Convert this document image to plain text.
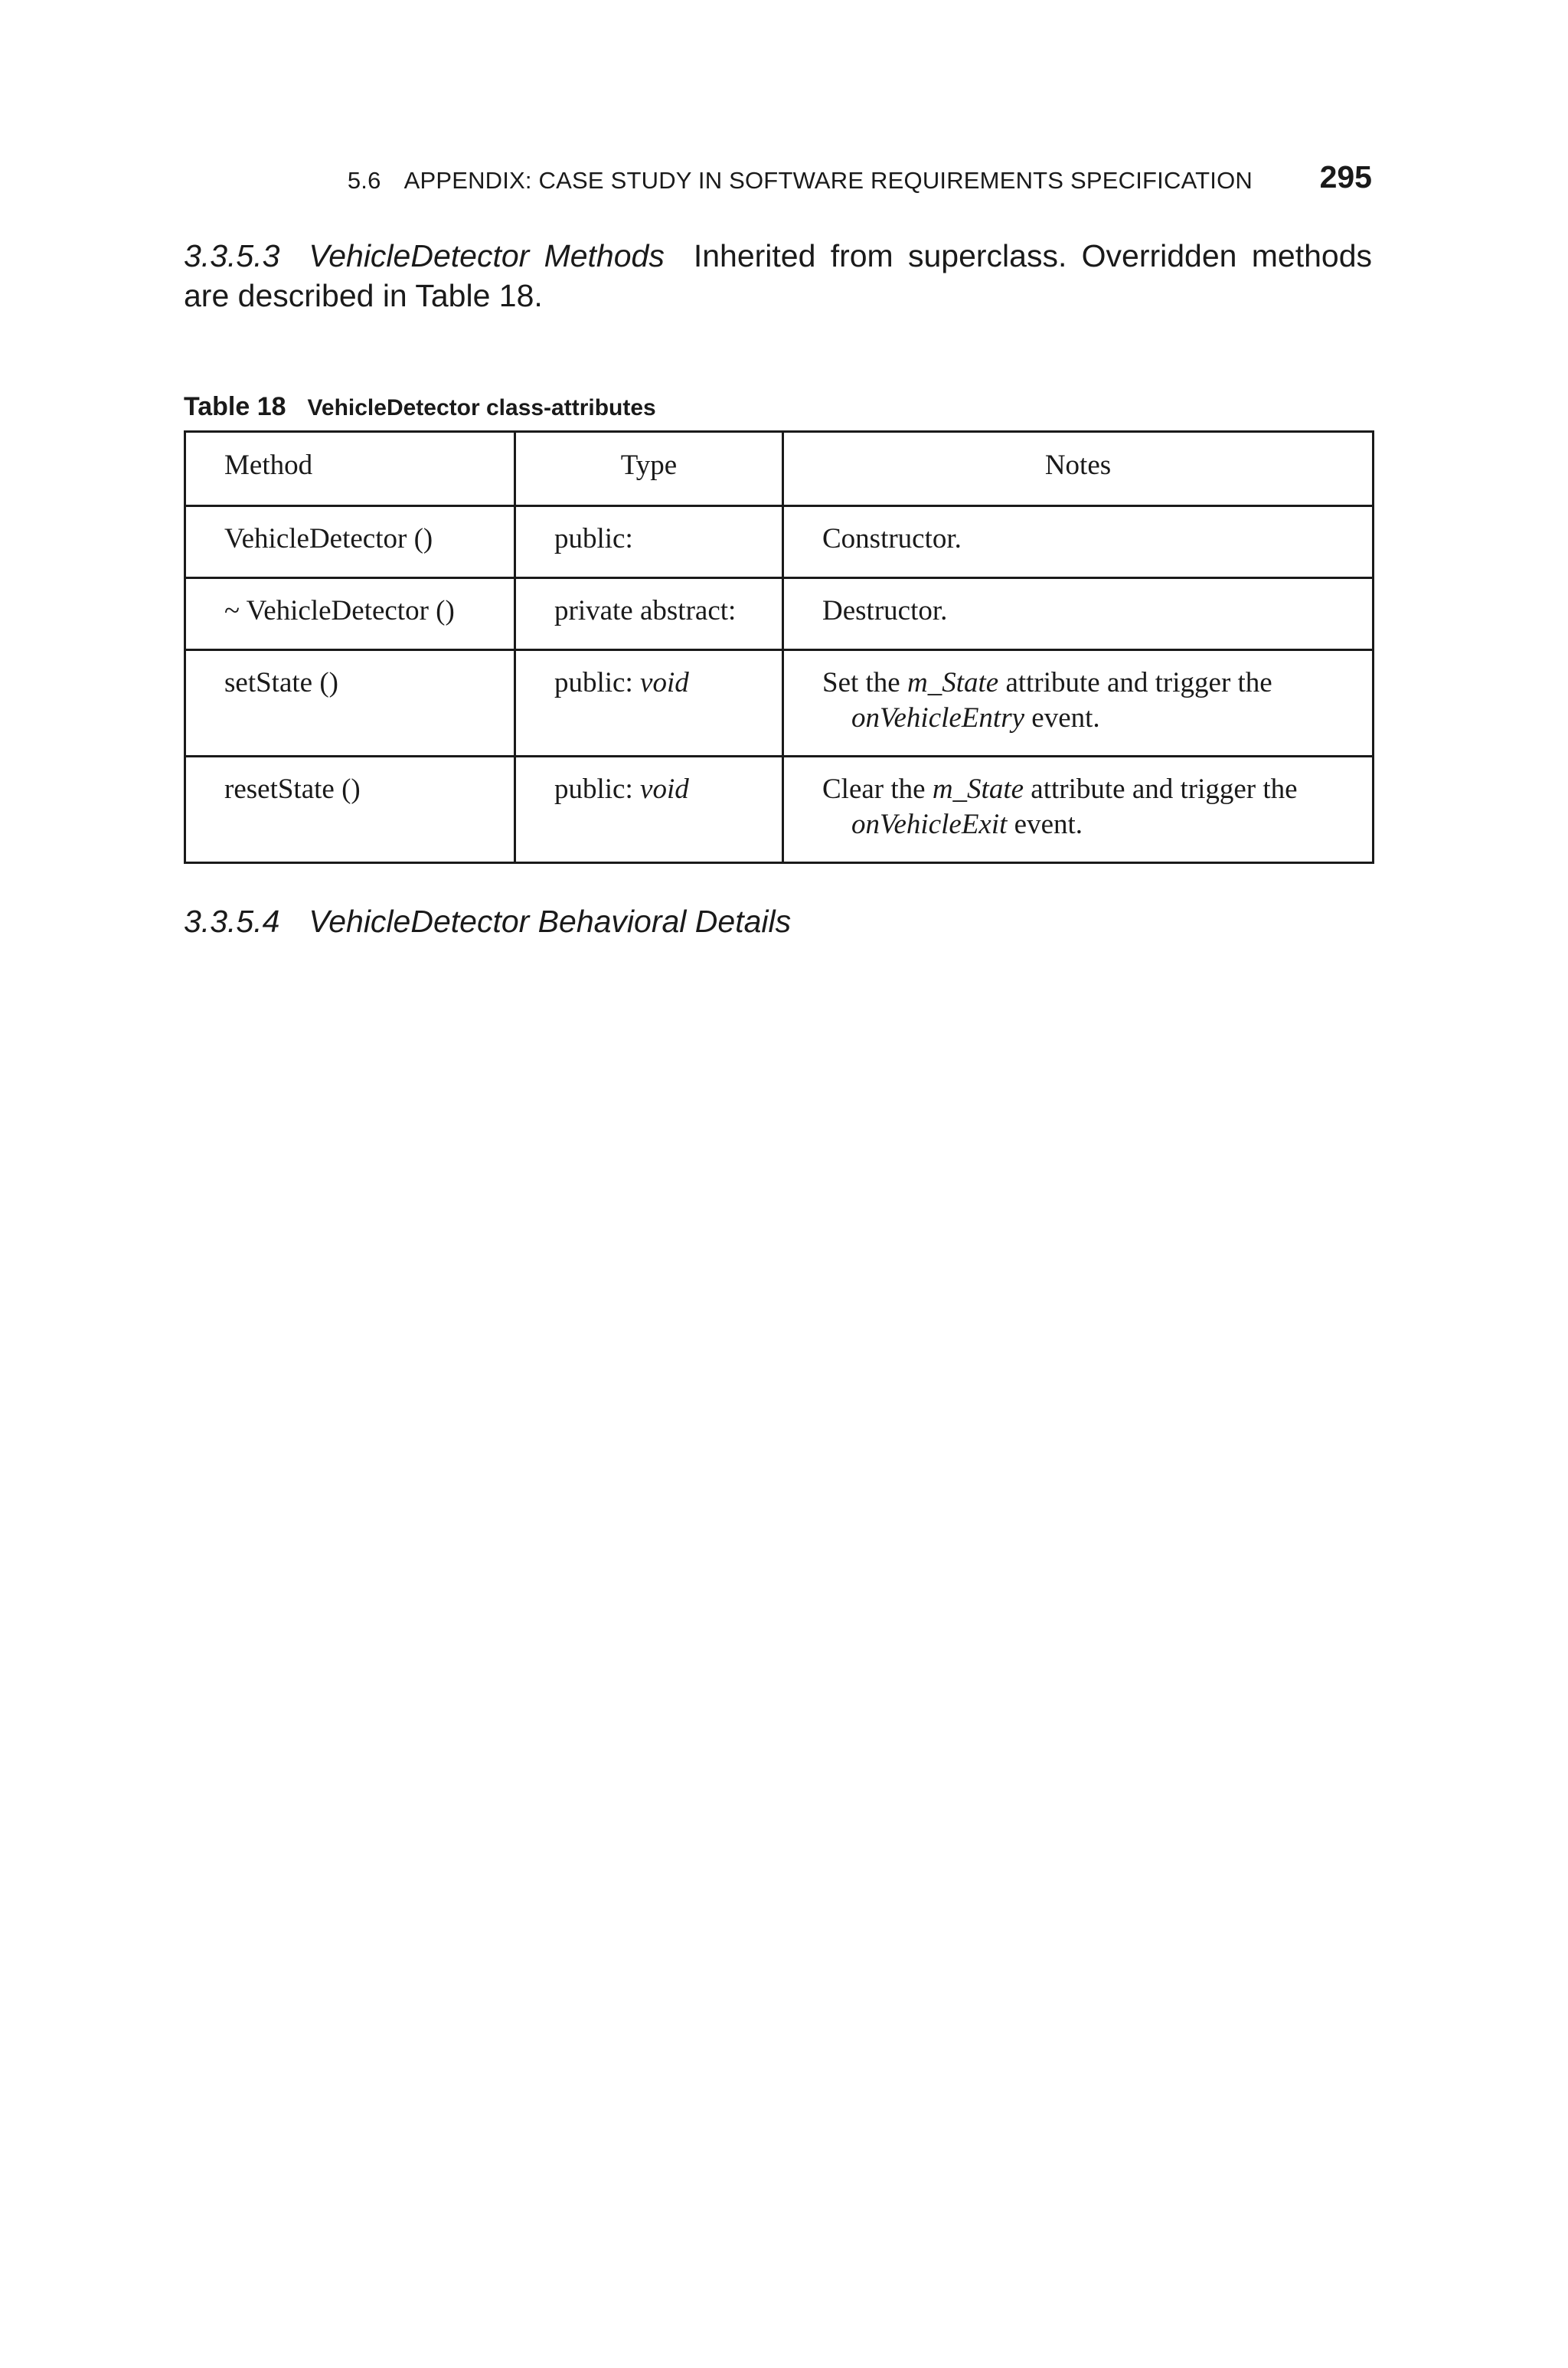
5.6 APPENDIX: CASE STUDY IN SOFTWARE REQUIREMENTS SPECIFICATION 295
3.3.5.3 VehicleDetector Methods Inherited from superclass. Overridden methods are described in Table 18.
Table 18 VehicleDetector class-attributes
Method	Type	Notes
VehicleDetector ()	public:	Constructor.
~ VehicleDetector ()	private abstract:	Destructor.
setState ()	public: void	Set the m_State attribute and trigger the
onVehicleEntry event.

resetState ()	public: void	Clear the m_State attribute and trigger the
onVehicleExit event.
3.3.5.4 VehicleDetector Behavioral Details
